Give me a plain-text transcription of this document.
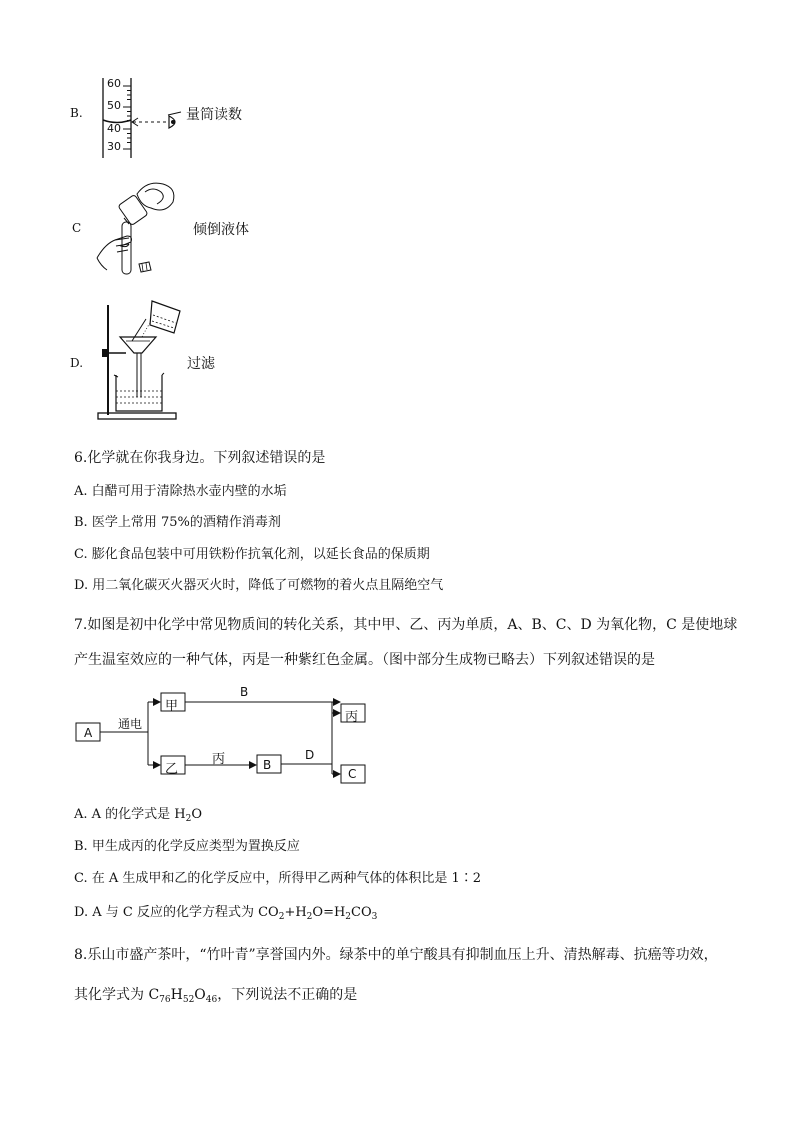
B.
60
50
40
30
量筒读数
C	倾倒液体
D.	过滤
6.化学就在你我身边。下列叙述错误的是
A. 白醋可用于清除热水壶内壁的水垢
B. 医学上常用 75%的酒精作消毒剂
C. 膨化食品包装中可用铁粉作抗氧化剂，以延长食品的保质期
D. 用二氧化碳灭火器灭火时，降低了可燃物的着火点且隔绝空气
7.如图是初中化学中常见物质间的转化关系，其中甲、乙、丙为单质，A、B、C、D 为氧化物，C 是使地球
产生温室效应的一种气体，丙是一种紫红色金属。（图中部分生成物已略去）下列叙述错误的是
A
甲
乙	B
丙
C
通电
B
丙	D
A. A 的化学式是 $H_2O$
B. 甲生成丙的化学反应类型为置换反应
C. 在 A 生成甲和乙的化学反应中，所得甲乙两种气体的体积比是 1∶2
D. A 与 C 反应的化学方程式为 $CO_2+H_2O=H_2CO_3$
8.乐山市盛产茶叶，“竹叶青”享誉国内外。绿茶中的单宁酸具有抑制血压上升、清热解毒、抗癌等功效，
其化学式为 $C_{76}H_{52}O_{46}$，下列说法不正确的是
